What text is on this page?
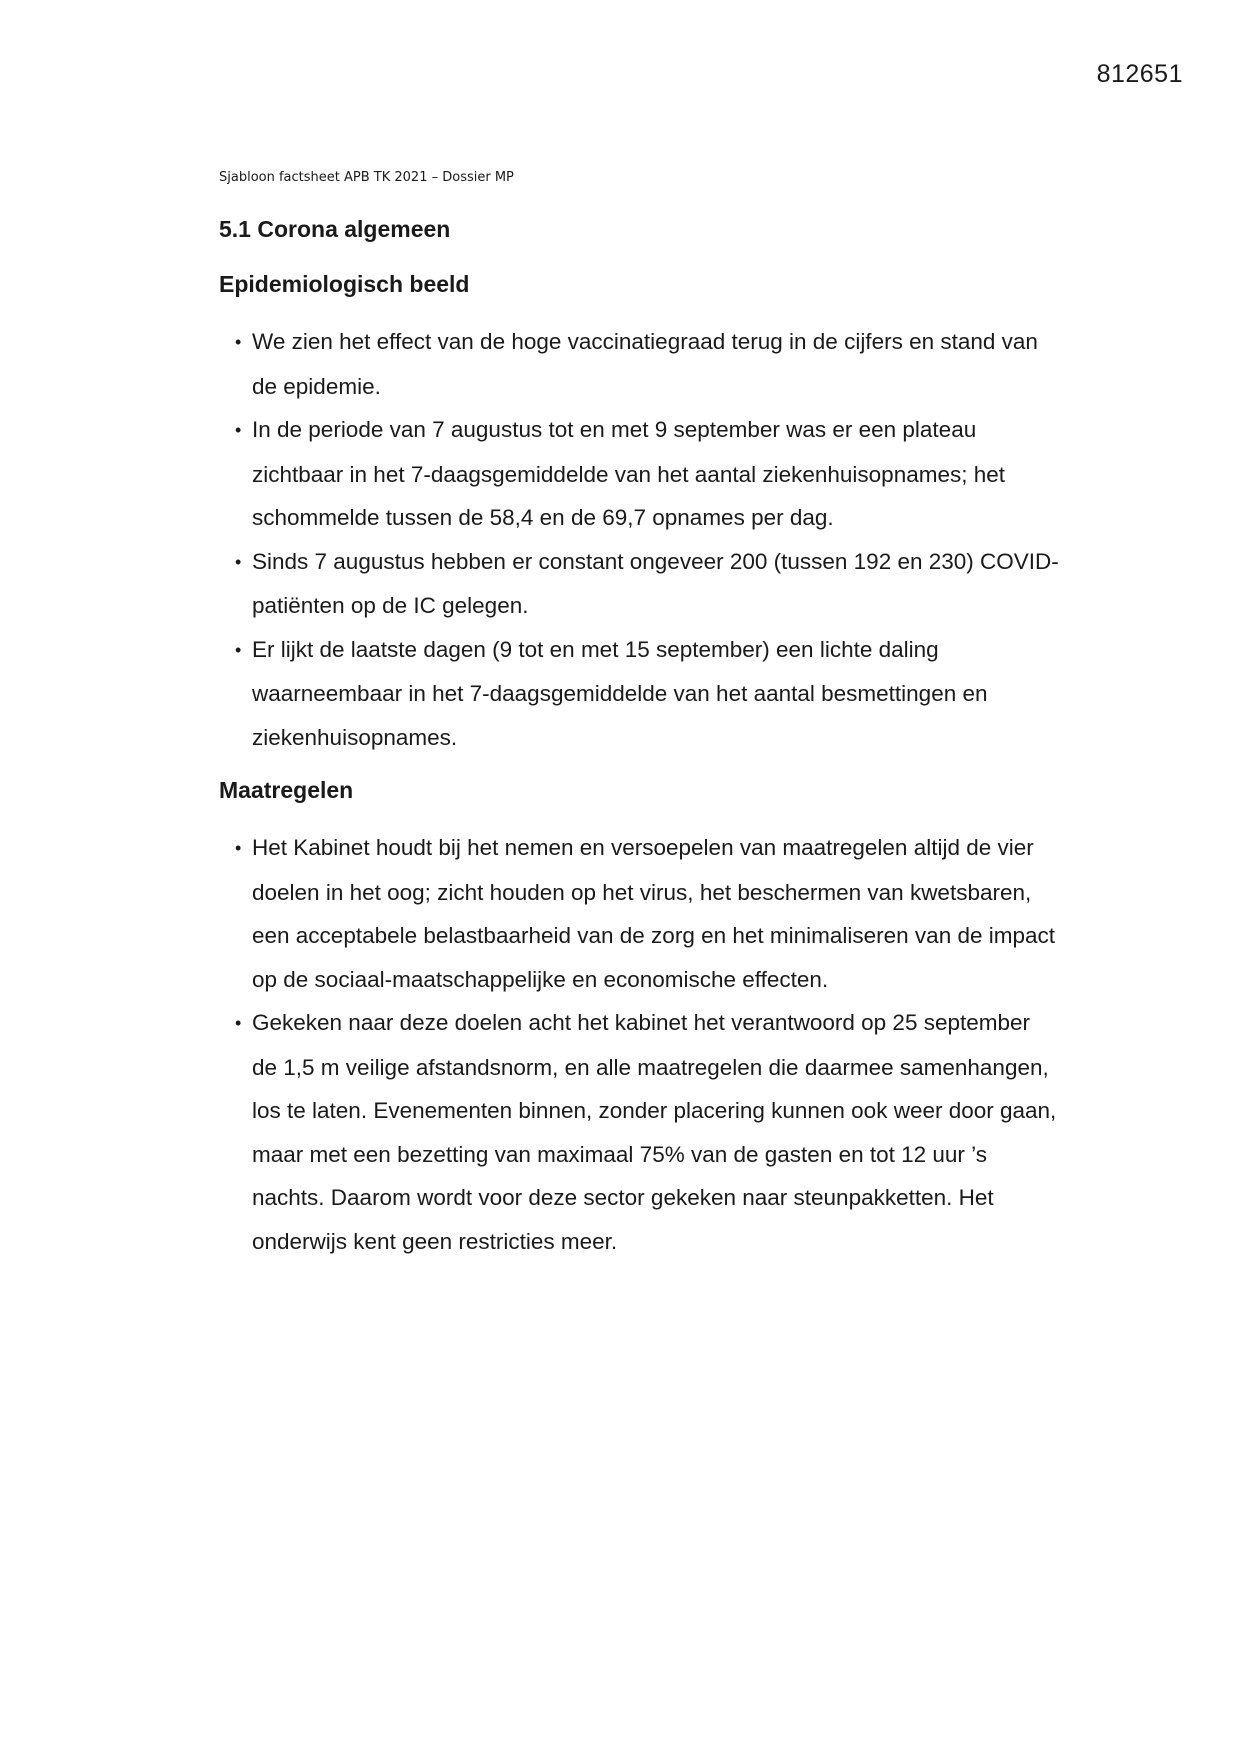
812651
Sjabloon factsheet APB TK 2021 – Dossier MP
5.1 Corona algemeen
Epidemiologisch beeld
• We zien het effect van de hoge vaccinatiegraad terug in de cijfers en stand van de epidemie.
• In de periode van 7 augustus tot en met 9 september was er een plateau zichtbaar in het 7-daagsgemiddelde van het aantal ziekenhuisopnames; het schommelde tussen de 58,4 en de 69,7 opnames per dag.
• Sinds 7 augustus hebben er constant ongeveer 200 (tussen 192 en 230) COVID-patiënten op de IC gelegen.
• Er lijkt de laatste dagen (9 tot en met 15 september) een lichte daling waarneembaar in het 7-daagsgemiddelde van het aantal besmettingen en ziekenhuisopnames.
Maatregelen
• Het Kabinet houdt bij het nemen en versoepelen van maatregelen altijd de vier doelen in het oog; zicht houden op het virus, het beschermen van kwetsbaren, een acceptabele belastbaarheid van de zorg en het minimaliseren van de impact op de sociaal-maatschappelijke en economische effecten.
• Gekeken naar deze doelen acht het kabinet het verantwoord op 25 september de 1,5 m veilige afstandsnorm, en alle maatregelen die daarmee samenhangen, los te laten. Evenementen binnen, zonder placering kunnen ook weer door gaan, maar met een bezetting van maximaal 75% van de gasten en tot 12 uur ’s nachts. Daarom wordt voor deze sector gekeken naar steunpakketten. Het onderwijs kent geen restricties meer.
